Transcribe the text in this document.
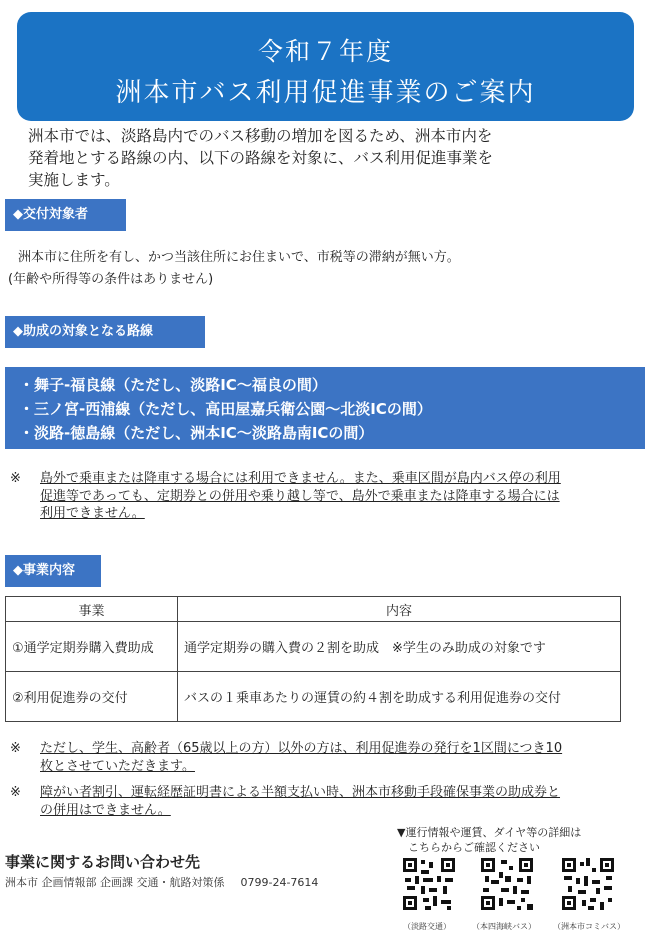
令和７年度
洲本市バス利用促進事業のご案内
洲本市では、淡路島内でのバス移動の増加を図るため、洲本市内を
発着地とする路線の内、以下の路線を対象に、バス利用促進事業を
実施します。
◆交付対象者
洲本市に住所を有し、かつ当該住所にお住まいで、市税等の滞納が無い方。
(年齢や所得等の条件はありません)
◆助成の対象となる路線
・舞子-福良線（ただし、淡路IC～福良の間）
・三ノ宮-西浦線（ただし、高田屋嘉兵衛公園～北淡ICの間）
・淡路-徳島線（ただし、洲本IC～淡路島南ICの間）
※ 島外で乗車または降車する場合には利用できません。また、乗車区間が島内バス停の利用
促進等であっても、定期券との併用や乗り越し等で、島外で乗車または降車する場合には
利用できません。
◆事業内容
事業	内容
①通学定期券購入費助成	通学定期券の購入費の２割を助成　※学生のみ助成の対象です
②利用促進券の交付	バスの１乗車あたりの運賃の約４割を助成する利用促進券の交付
※ ただし、学生、高齢者（65歳以上の方）以外の方は、利用促進券の発行を1区間につき10
枚とさせていただきます。
※ 障がい者割引、運転経歴証明書による半額支払い時、洲本市移動手段確保事業の助成券と
の併用はできません。
事業に関するお問い合わせ先
洲本市 企画情報部 企画課 交通・航路対策係 0799-24-7614
▼運行情報や運賃、ダイヤ等の詳細は
　こちらからご確認ください
（淡路交通）	（本四海峡バス） （洲本市コミバス）
